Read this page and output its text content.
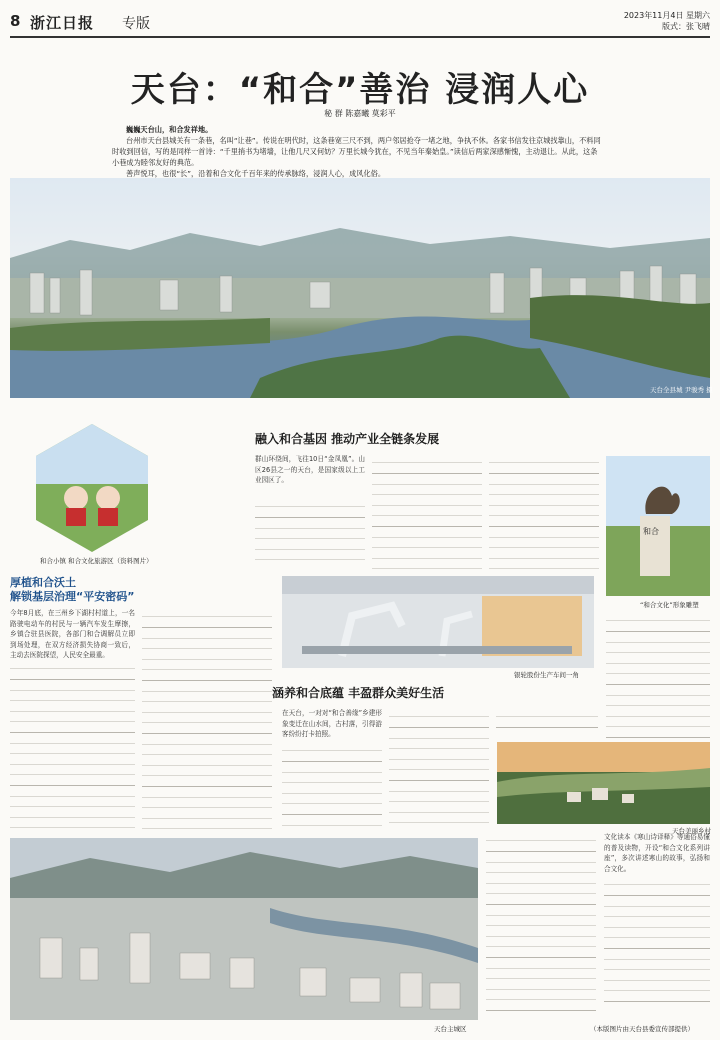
8 浙江日报 专版
2023年11月4日 星期六
版式：张飞晴
天台：“和合”善治 浸润人心
秘 群 陈嘉曦 莫彩平

巍巍天台山，和合发祥地。

台州市天台县城关有一条巷，名叫“让巷”。传说在明代时，这条巷宽三尺不到，两户邻居抢夺一堵之地，争执不休。各家书信发往京城找靠山，不料同时收到回信，写的是同样一首诗：“千里捎书为堵墙，让他几尺又何妨？万里长城今犹在，不见当年秦始皇。”读信后两家深感惭愧，主动退让。从此，这条小巷成为睦邻友好的典范。

善声悦耳，也很“长”，沿着和合文化千百年来的传承脉络，浸润人心，成风化俗。

天台全县城 尹骏秀 摄
和合小镇 和合文化旅游区（资料图片）
厚植和合沃土
解锁基层治理“平安密码”
今年8月底，在三州乡下湖村村道上，一名路驶电动车的村民与一辆汽车发生摩擦，乡镇合驻县医院，各部门和合调解员立即到场处理，在双方经济损失协商一致后，主动去医院探望，人民安全最重。
融入和合基因 推动产业全链条发展
群山环绕间，飞往10日“金凤凰”。山区26县之一的天台，是国家级以上工业园区了。
银轮股份生产车间一角
和合
“和合文化”形象雕塑
涵养和合底蕴 丰盈群众美好生活
在天台，一对对“和合善缘”乡建形象变迁在山水间，古村落，引得游客纷纷打卡拍照。
天台美丽乡村
天台主城区
文化读本《寒山诗译释》等通俗易懂的普及读物，开设“和合文化系列讲座”，多次讲述寒山的故事，弘扬和合文化。
（本版图片由天台县委宣传部提供）
